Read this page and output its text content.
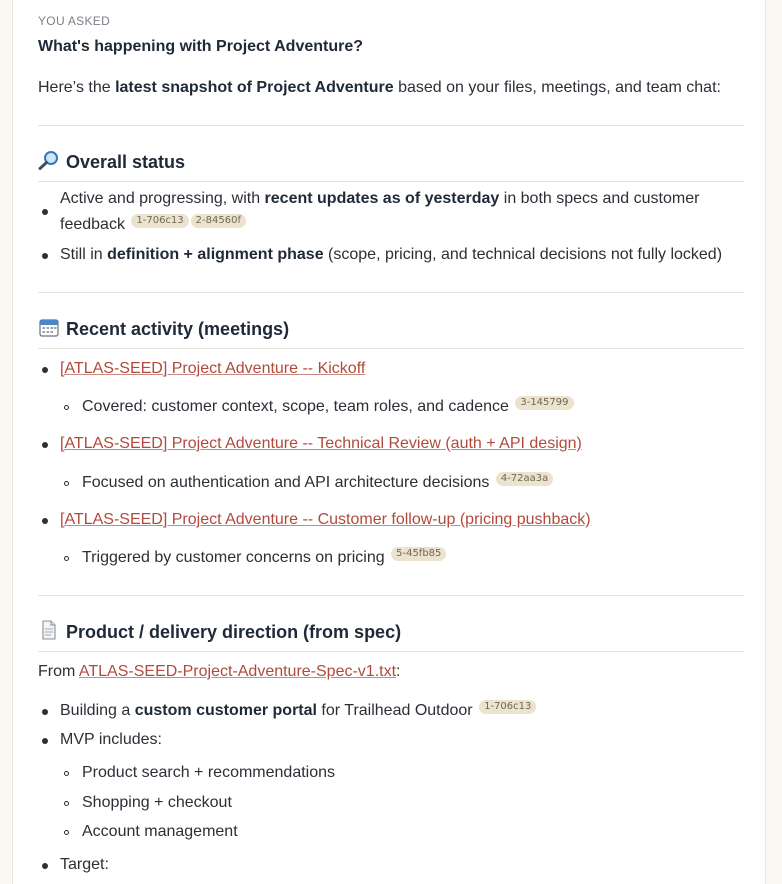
YOU ASKED
What's happening with Project Adventure?
Here’s the latest snapshot of Project Adventure based on your files, meetings, and team chat:
Overall status
Active and progressing, with recent updates as of yesterday in both specs and customer
feedback 1-706c13 2-84560f
Still in definition + alignment phase (scope, pricing, and technical decisions not fully locked)
Recent activity (meetings)
[ATLAS-SEED] Project Adventure -- Kickoff
Covered: customer context, scope, team roles, and cadence 3-145799
[ATLAS-SEED] Project Adventure -- Technical Review (auth + API design)
Focused on authentication and API architecture decisions 4-72aa3a
[ATLAS-SEED] Project Adventure -- Customer follow-up (pricing pushback)
Triggered by customer concerns on pricing 5-45fb85
Product / delivery direction (from spec)
From ATLAS-SEED-Project-Adventure-Spec-v1.txt:
Building a custom customer portal for Trailhead Outdoor 1-706c13
MVP includes:
Product search + recommendations
Shopping + checkout
Account management
Target:
